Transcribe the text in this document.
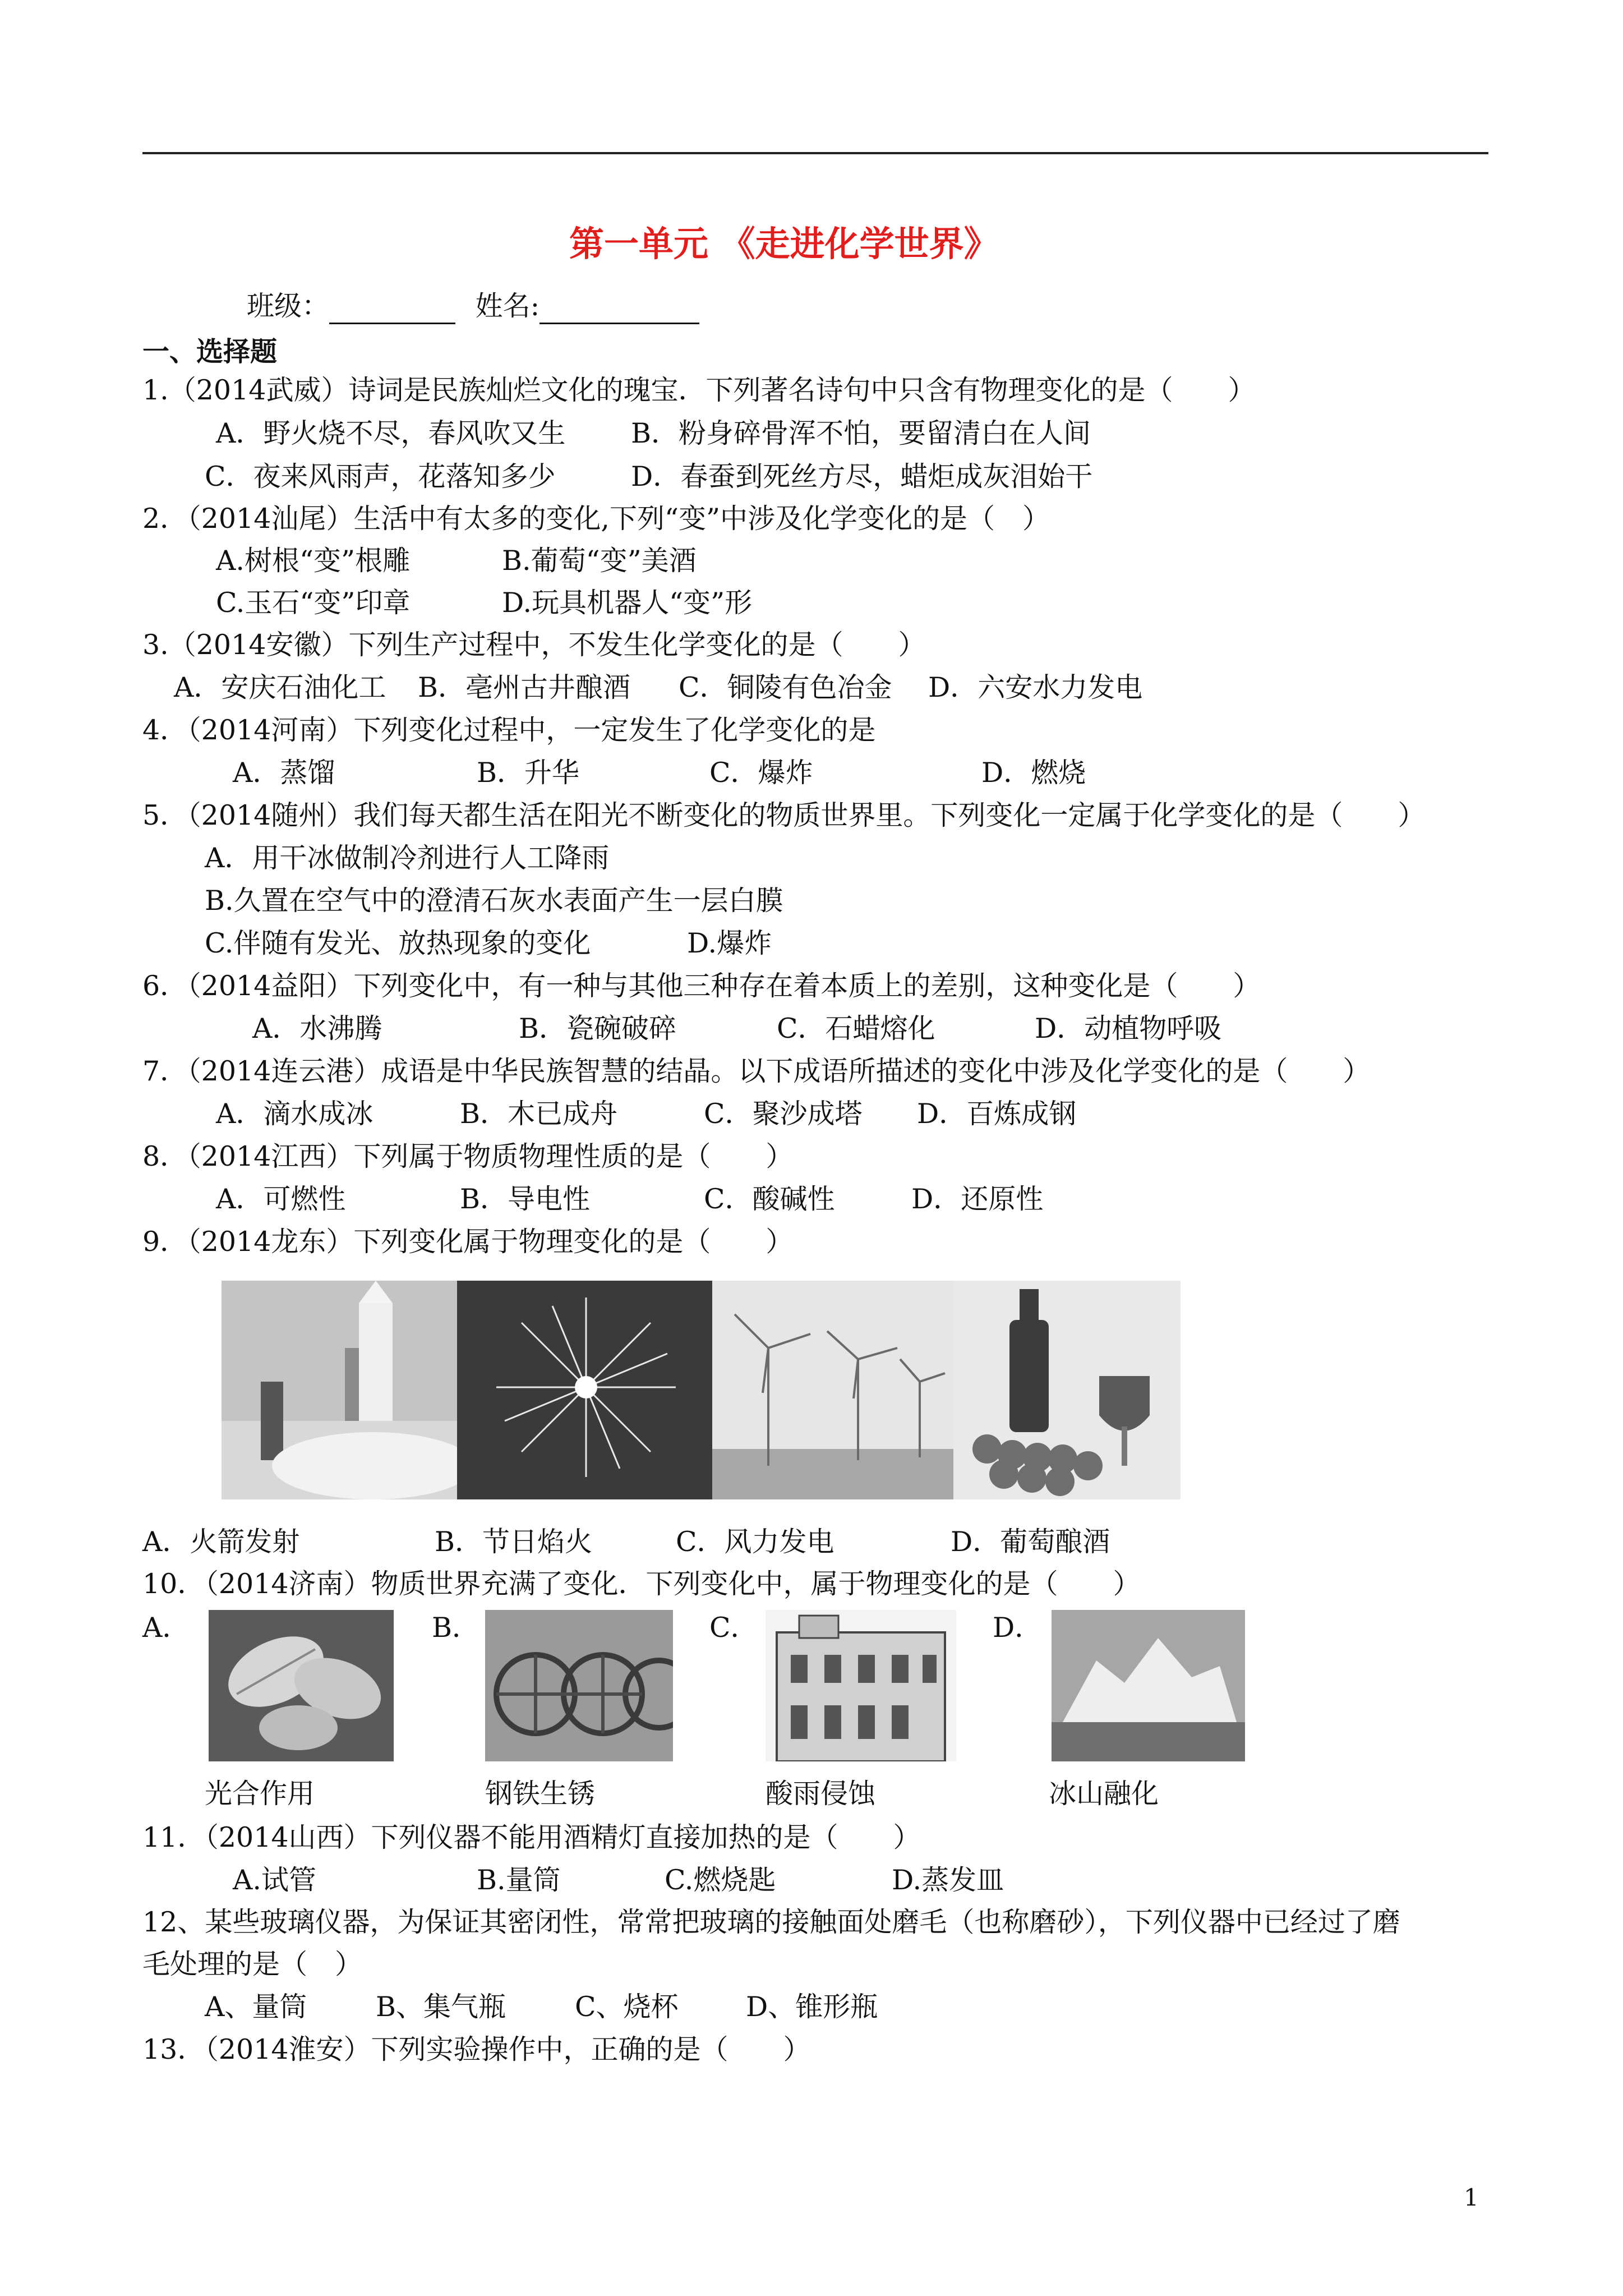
第一单元 《走进化学世界》
班级：	姓名:
一、选择题
1.（2014武威）诗词是民族灿烂文化的瑰宝．下列著名诗句中只含有物理变化的是（　　）
A．野火烧不尽，春风吹又生 B．粉身碎骨浑不怕，要留清白在人间
C．夜来风雨声，花落知多少	D．春蚕到死丝方尽，蜡炬成灰泪始干
2．（2014汕尾）生活中有太多的变化,下列“变”中涉及化学变化的是（　）
A.树根“变”根雕	B.葡萄“变”美酒
C.玉石“变”印章	D.玩具机器人“变”形
3.（2014安徽）下列生产过程中，不发生化学变化的是（　　）
A．安庆石油化工 B．亳州古井酿酒 C．铜陵有色冶金 D．六安水力发电
4．（2014河南）下列变化过程中，一定发生了化学变化的是
A．蒸馏	B．升华	C．爆炸	D．燃烧
5．（2014随州）我们每天都生活在阳光不断变化的物质世界里。下列变化一定属于化学变化的是（　　）
A．用干冰做制冷剂进行人工降雨
B.久置在空气中的澄清石灰水表面产生一层白膜
C.伴随有发光、放热现象的变化	D.爆炸
6．（2014益阳）下列变化中，有一种与其他三种存在着本质上的差别，这种变化是（　　）
A．水沸腾	B．瓷碗破碎	C．石蜡熔化	D．动植物呼吸
7．（2014连云港）成语是中华民族智慧的结晶。以下成语所描述的变化中涉及化学变化的是（　　）
A．滴水成冰	B．木已成舟	C．聚沙成塔 D．百炼成钢
8．（2014江西）下列属于物质物理性质的是（　　）
A．可燃性	B．导电性	C．酸碱性	D．还原性
9．（2014龙东）下列变化属于物理变化的是（　　）
A．火箭发射	B．节日焰火	C．风力发电	D．葡萄酿酒
10．（2014济南）物质世界充满了变化．下列变化中，属于物理变化的是（　　）
A．	B．	C．	D．
光合作用	钢铁生锈	酸雨侵蚀	冰山融化
11．（2014山西）下列仪器不能用酒精灯直接加热的是（　　）
A.试管	B.量筒	C.燃烧匙	D.蒸发皿
12、某些玻璃仪器，为保证其密闭性，常常把玻璃的接触面处磨毛（也称磨砂），下列仪器中已经过了磨
毛处理的是（　）
A、量筒	B、集气瓶	C、烧杯 D、锥形瓶
13．（2014淮安）下列实验操作中，正确的是（　　）
1
